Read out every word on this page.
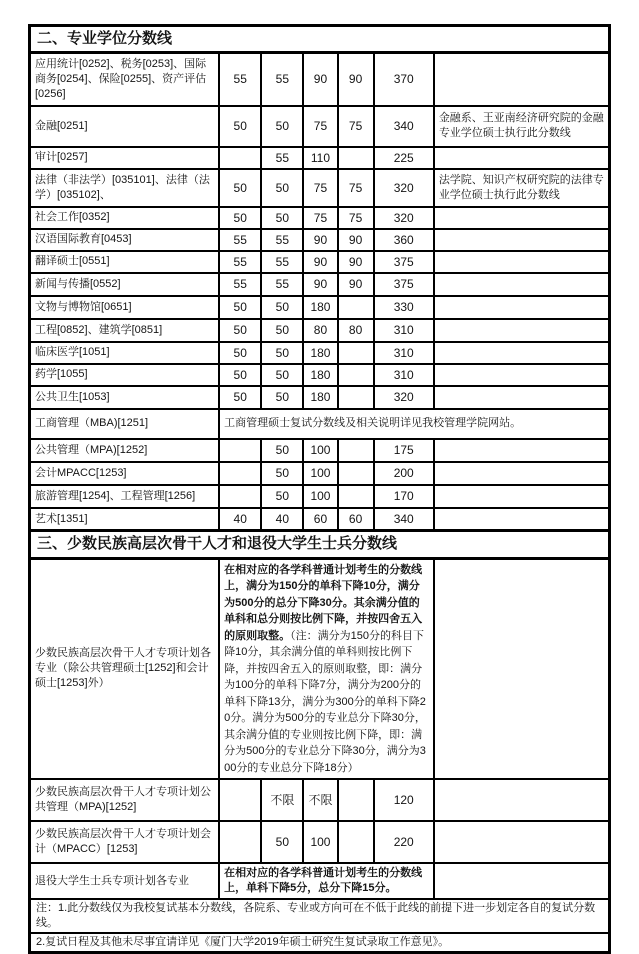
二、专业学位分数线						
应用统计[0252]、税务[0253]、国际商务[0254]、保险[0255]、资产评估[0256]	55	55	90	90	370	
金融[0251]	50	50	75	75	340	金融系、王亚南经济研究院的金融专业学位硕士执行此分数线
审计[0257]		55	110		225	
法律（非法学）[035101]、法律（法学）[035102]、	50	50	75	75	320	法学院、知识产权研究院的法律专业学位硕士执行此分数线
社会工作[0352]	50	50	75	75	320	
汉语国际教育[0453]	55	55	90	90	360	
翻译硕士[0551]	55	55	90	90	375	
新闻与传播[0552]	55	55	90	90	375	
文物与博物馆[0651]	50	50	180		330	
工程[0852]、建筑学[0851]	50	50	80	80	310	
临床医学[1051]	50	50	180		310	
药学[1055]	50	50	180		310	
公共卫生[1053]	50	50	180		320	
工商管理（MBA)[1251]	工商管理硕士复试分数线及相关说明详见我校管理学院网站。					
公共管理（MPA)[1252]		50	100		175	
会计MPACC[1253]		50	100		200	
旅游管理[1254]、工程管理[1256]		50	100		170	
艺术[1351]	40	40	60	60	340	
三、少数民族高层次骨干人才和退役大学生士兵分数线						
少数民族高层次骨干人才专项计划各专业（除公共管理硕士[1252]和会计硕士[1253]外）	在相对应的各学科普通计划考生的分数线上，满分为150分的单科下降10分，满分为500分的总分下降30分。其余满分值的单科和总分则按比例下降，并按四舍五入的原则取整。（注：满分为150分的科目下降10分，其余满分值的单科则按比例下降，并按四舍五入的原则取整，即：满分为100分的单科下降7分，满分为200分的单科下降13分，满分为300分的单科下降20分。满分为500分的专业总分下降30分，其余满分值的专业则按比例下降，即：满分为500分的专业总分下降30分，满分为300分的专业总分下降18分）					
少数民族高层次骨干人才专项计划公共管理（MPA)[1252]		不限	不限		120	
少数民族高层次骨干人才专项计划会计（MPACC）[1253]		50	100		220	
退役大学生士兵专项计划各专业	在相对应的各学科普通计划考生的分数线上，单科下降5分，总分下降15分。					
注：1.此分数线仅为我校复试基本分数线，各院系、专业或方向可在不低于此线的前提下进一步划定各自的复试分数线。						
2.复试日程及其他未尽事宜请详见《厦门大学2019年硕士研究生复试录取工作意见》。						
